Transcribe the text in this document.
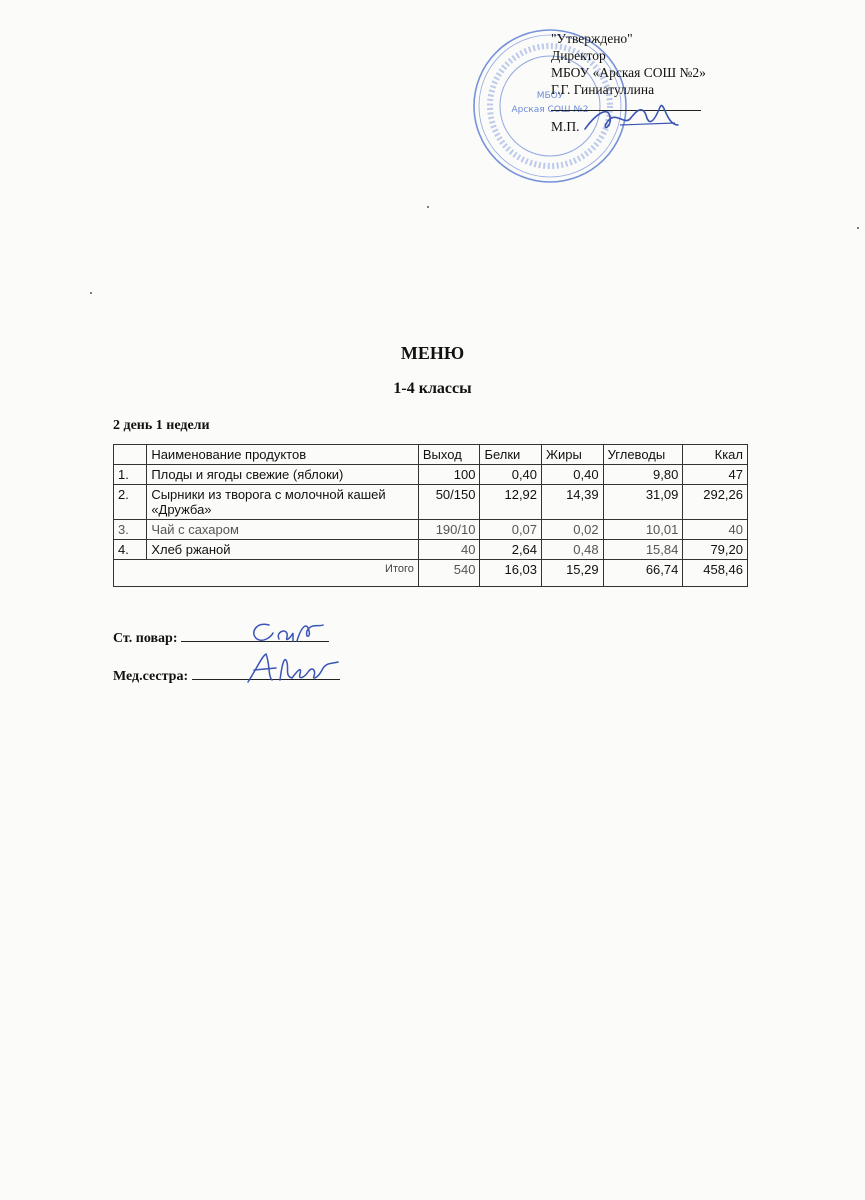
МБОУ
Арская СОШ №2
"Утверждено"
Директор
МБОУ «Арская СОШ №2»
Г.Г. Гиниатуллина
М.П.
МЕНЮ
1-4 классы
2 день 1 недели
	Наименование продуктов	Выход	Белки	Жиры	Углеводы	Ккал
1.	Плоды и ягоды свежие (яблоки)	100	0,40	0,40	9,80	47
2.	Сырники из творога с молочной кашей «Дружба»	50/150	12,92	14,39	31,09	292,26
3.	Чай с сахаром	190/10	0,07	0,02	10,01	40
4.	Хлеб ржаной	40	2,64	0,48	15,84	79,20
Итого		540	16,03	15,29	66,74	458,46
Ст. повар:
Мед.сестра:
